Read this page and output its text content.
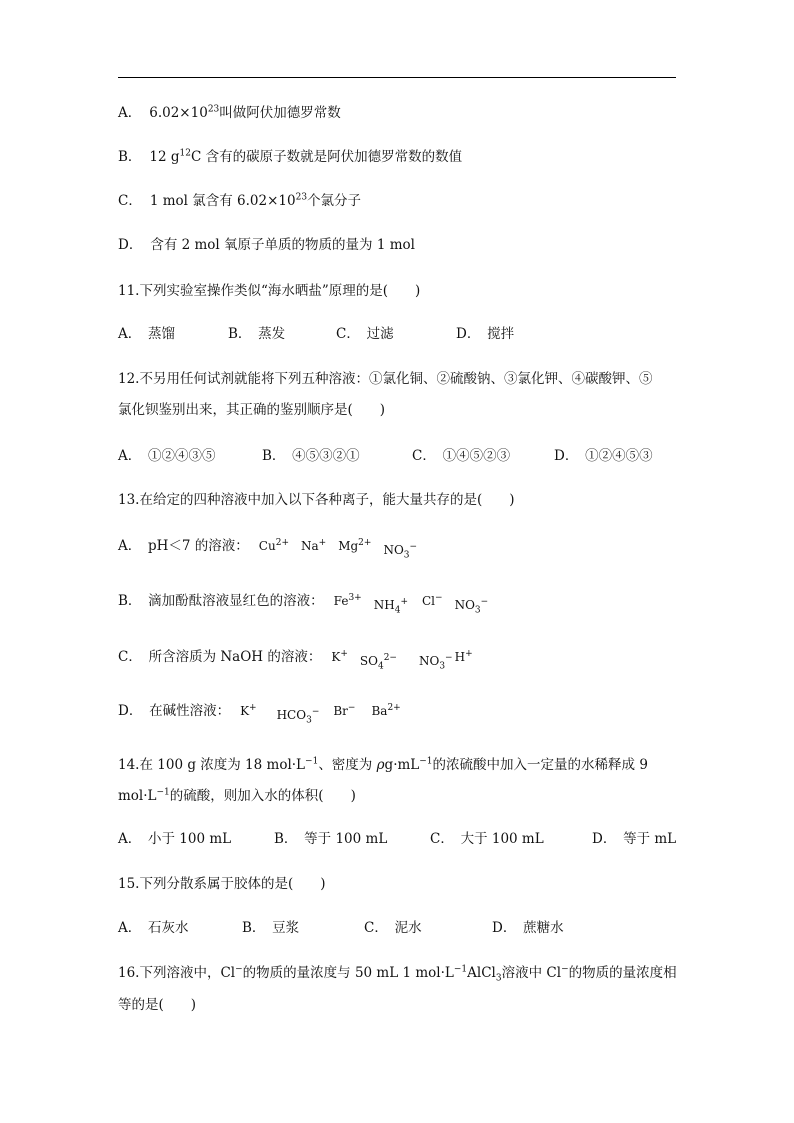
A． $6.02\times 10^{23}$叫做阿伏加德罗常数
B． 12 $g^{12}C$ 含有的碳原子数就是阿伏加德罗常数的数值
C． 1 mol 氯含有 $6.02\times 10^{23}$个氯分子
D． 含有 2 mol 氧原子单质的物质的量为 1 mol
11.下列实验室操作类似“海水晒盐”原理的是(　　)
A．　蒸馏	B．　蒸发	C．　过滤	D．　搅拌
12.不另用任何试剂就能将下列五种溶液：①氯化铜、②硫酸钠、③氯化钾、④碳酸钾、⑤
氯化钡鉴别出来，其正确的鉴别顺序是(　　)
A．　①②④③⑤	B．　④⑤③②①	C．　①④⑤②③	D．　①②④⑤③
13.在给定的四种溶液中加入以下各种离子，能大量共存的是(　　)
A．　pH＜7 的溶液： $Cu^{2+}$ Na+ $Mg^{2+}$ $NO_3^-$
B．　滴加酚酞溶液显红色的溶液： $Fe^{3+}$ $NH_4^+$ Cl− $NO_3^-$
C．　所含溶质为 NaOH 的溶液： K+ $SO_4^{2-}$ $NO_3^-$ H+
D．　在碱性溶液： K+ $HCO_3^-$ Br− $Ba^{2+}$
14.在 100 g 浓度为 18 $mol\cdot L^{-1}$、密度为 $\rho g\cdot mL^{-1}$的浓硫酸中加入一定量的水稀释成 9
$mol\cdot L^{-1}$的硫酸，则加入水的体积(　　)
A．　小于 100 mL	B．　等于 100 mL	C．　大于 100 mL	D．　等于 mL
15.下列分散系属于胶体的是(　　)
A．　石灰水	B．　豆浆	C．　泥水	D．　蔗糖水
16.下列溶液中，Cl−的物质的量浓度与 50 mL 1 $mol\cdot L^{-1}AlCl_3$溶液中 Cl−的物质的量浓度相
等的是(　　)
